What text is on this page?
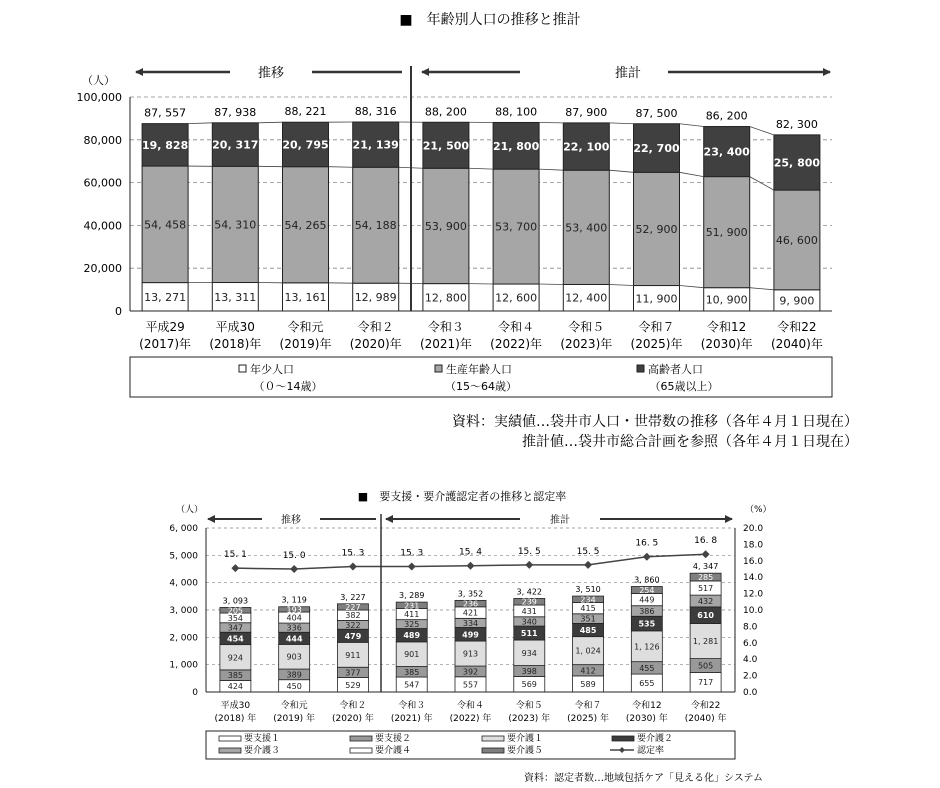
■　年齢別人口の推移と推計
（人）	推移	推計
0
20,000
40,000
60,000
80,000
100,000
13, 271
54, 458
19, 828
87, 557
13, 311
54, 310
20, 317
87, 938
13, 161
54, 265
20, 795
88, 221
12, 989
54, 188
21, 139
88, 316
12, 800
53, 900
21, 500
88, 200
12, 600
53, 700
21, 800
88, 100
12, 400
53, 400
22, 100
87, 900
11, 900
52, 900
22, 700
87, 500
10, 900
51, 900
23, 400
86, 200
9, 900
46, 600
25, 800
82, 300
平成29
(2017)年
平成30
(2018)年
令和元
(2019)年
令和２
(2020)年
令和３
(2021)年
令和４
(2022)年
令和５
(2023)年
令和７
(2025)年
令和12
(2030)年
令和22
(2040)年
年少人口
（０～14歳）
生産年齢人口
（15～64歳）
高齢者人口
（65歳以上）
資料：実績値…袋井市人口・世帯数の推移（各年４月１日現在）
推計値…袋井市総合計画を参照（各年４月１日現在）
■　要支援・要介護認定者の推移と認定率
（人）	（%）
推移	推計
0
1, 000
2, 000
3, 000
4, 000
5, 000
6, 000
0.0
2.0
4.0
6.0
8.0
10.0
12.0
14.0
16.0
18.0
20.0
424
385
924
454
347
354
205
3, 093
450
389
903
444
336
404
193
3, 119
529
377
911
479
322
382
227
3, 227
547
385
901
489
325
411
231
3, 289
557
392
913
499
334
421
236
3, 352
569
398
934
511
340
431
239
3, 422
589
412
1, 024
485
351
415
234
3, 510
655
455
1, 126
535
386
449
254
3, 860
717
505
1, 281
610
432
517
285
4, 347
15. 1	15. 0	15. 3	15. 3	15. 4	15. 5	15. 5
16. 5	16. 8
平成30
(2018) 年
令和元
(2019) 年
令和２
(2020) 年
令和３
(2021) 年
令和４
(2022) 年
令和５
(2023) 年
令和７
(2025) 年
令和12
(2030) 年
令和22
(2040) 年
要支援１	要支援２	要介護１	要介護２
要介護３	要介護４	要介護５	認定率
資料：認定者数…地域包括ケア「見える化」システム
